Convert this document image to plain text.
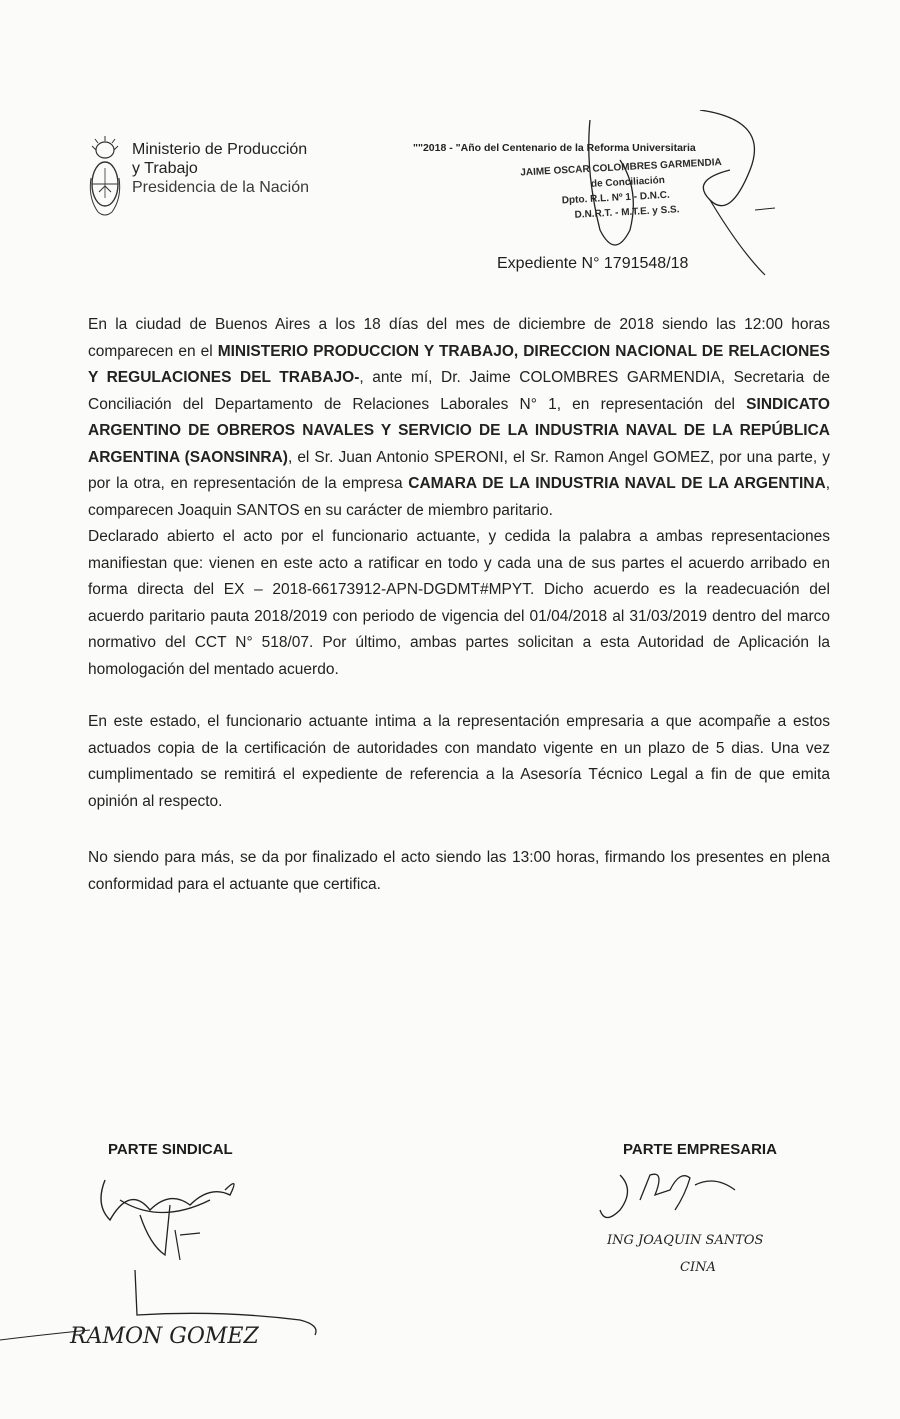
Ministerio de Producción
y Trabajo
Presidencia de la Nación
""2018 - "Año del Centenario de la Reforma Universitaria
JAIME OSCAR COLOMBRES GARMENDIA
de Conciliación
Dpto. R.L. Nº 1 - D.N.C.
D.N.R.T. - M.T.E. y S.S.
Expediente N° 1791548/18

En la ciudad de Buenos Aires a los 18 días del mes de diciembre de 2018 siendo las 12:00 horas comparecen en el MINISTERIO PRODUCCION Y TRABAJO, DIRECCION NACIONAL DE RELACIONES Y REGULACIONES DEL TRABAJO-, ante mí, Dr. Jaime COLOMBRES GARMENDIA, Secretaria de Conciliación del Departamento de Relaciones Laborales N° 1, en representación del SINDICATO ARGENTINO DE OBREROS NAVALES Y SERVICIO DE LA INDUSTRIA NAVAL DE LA REPÚBLICA ARGENTINA (SAONSINRA), el Sr. Juan Antonio SPERONI, el Sr. Ramon Angel GOMEZ, por una parte, y por la otra, en representación de la empresa CAMARA DE LA INDUSTRIA NAVAL DE LA ARGENTINA, comparecen Joaquin SANTOS en su carácter de miembro paritario.

Declarado abierto el acto por el funcionario actuante, y cedida la palabra a ambas representaciones manifiestan que: vienen en este acto a ratificar en todo y cada una de sus partes el acuerdo arribado en forma directa del EX – 2018-66173912-APN-DGDMT#MPYT. Dicho acuerdo es la readecuación del acuerdo paritario pauta 2018/2019 con periodo de vigencia del 01/04/2018 al 31/03/2019 dentro del marco normativo del CCT N° 518/07. Por último, ambas partes solicitan a esta Autoridad de Aplicación la homologación del mentado acuerdo.

En este estado, el funcionario actuante intima a la representación empresaria a que acompañe a estos actuados copia de la certificación de autoridades con mandato vigente en un plazo de 5 dias. Una vez cumplimentado se remitirá el expediente de referencia a la Asesoría Técnico Legal a fin de que emita opinión al respecto.

No siendo para más, se da por finalizado el acto siendo las 13:00 horas, firmando los presentes en plena conformidad para el actuante que certifica.

PARTE SINDICAL	PARTE EMPRESARIA
RAMON GOMEZ
ING JOAQUIN SANTOS
CINA
